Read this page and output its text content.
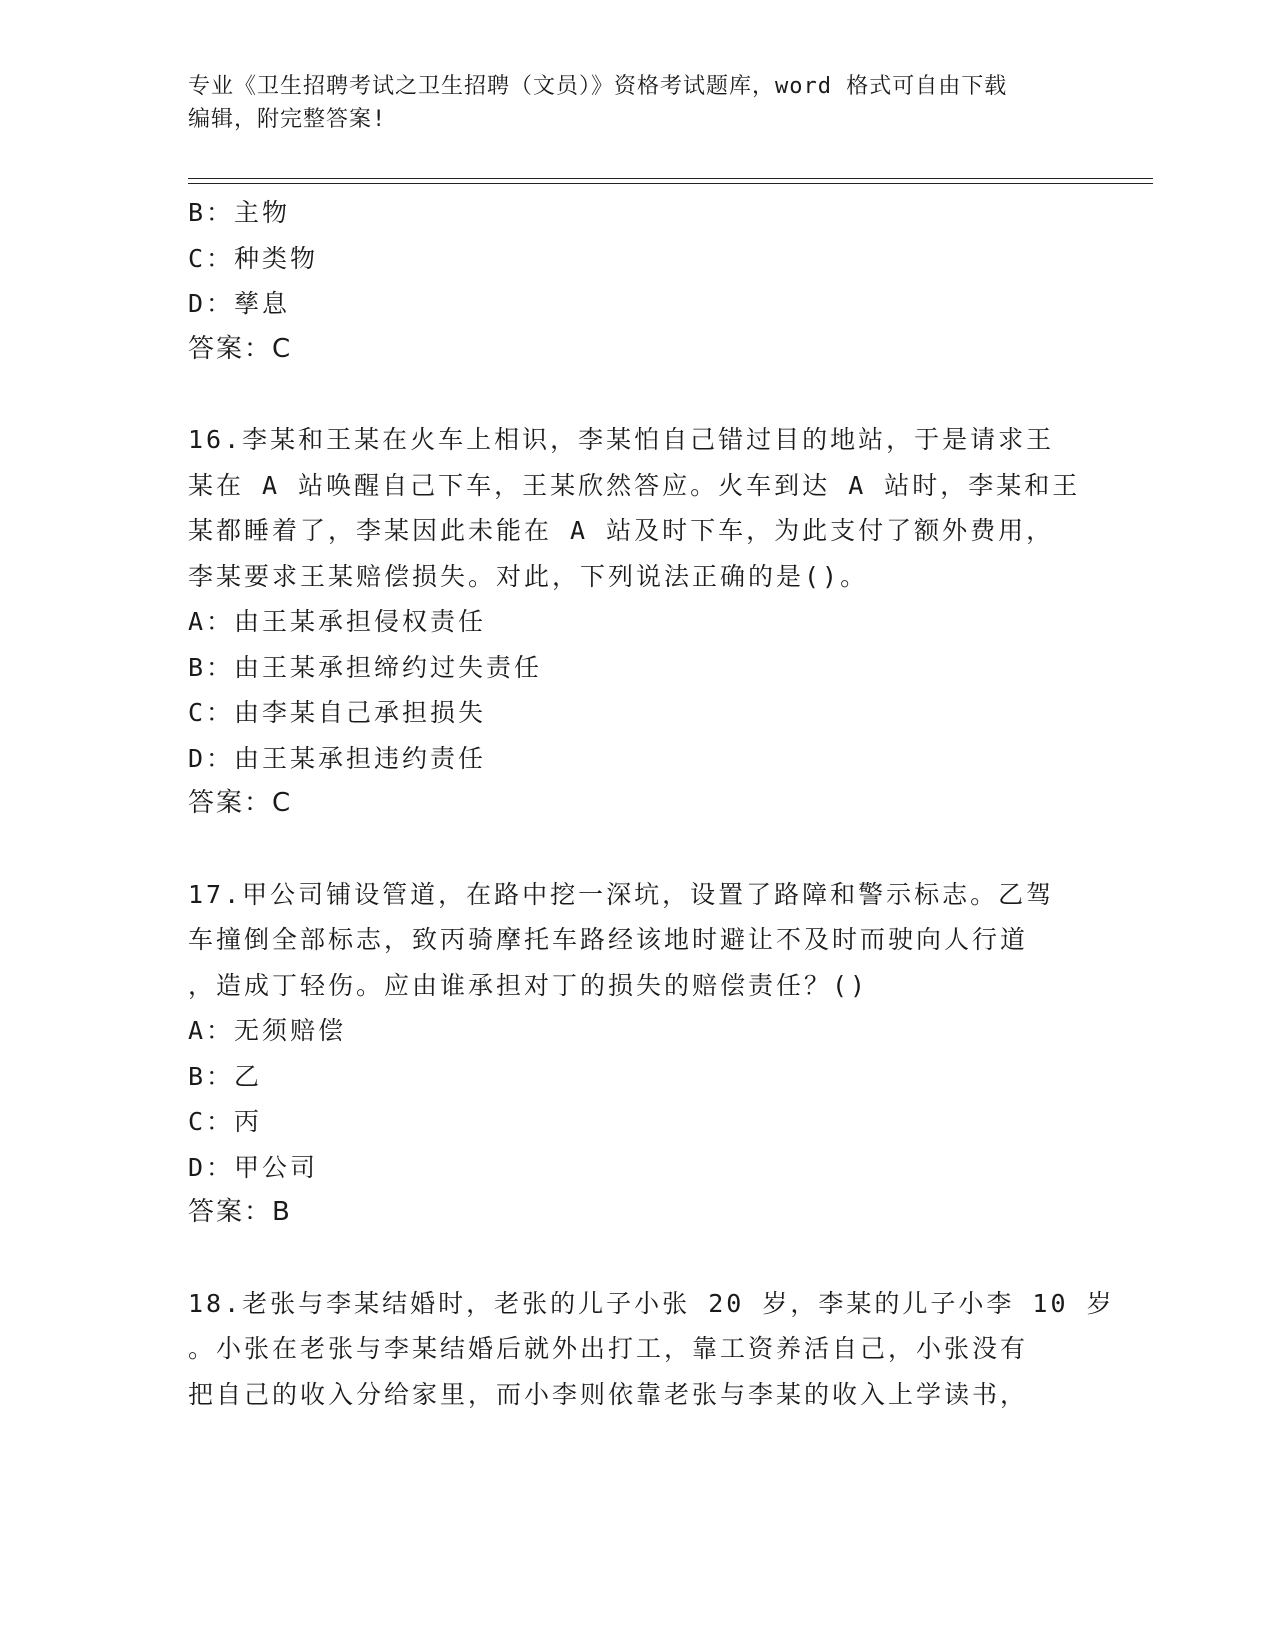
专业《卫生招聘考试之卫生招聘（文员）》资格考试题库，word 格式可自由下载
编辑，附完整答案!
B：主物
C：种类物
D：孳息
答案：C
16.李某和王某在火车上相识，李某怕自己错过目的地站，于是请求王
某在 A 站唤醒自己下车，王某欣然答应。火车到达 A 站时，李某和王
某都睡着了，李某因此未能在 A 站及时下车，为此支付了额外费用，
李某要求王某赔偿损失。对此，下列说法正确的是()。
A：由王某承担侵权责任
B：由王某承担缔约过失责任
C：由李某自己承担损失
D：由王某承担违约责任
答案：C
17.甲公司铺设管道，在路中挖一深坑，设置了路障和警示标志。乙驾
车撞倒全部标志，致丙骑摩托车路经该地时避让不及时而驶向人行道
，造成丁轻伤。应由谁承担对丁的损失的赔偿责任？()
A：无须赔偿
B：乙
C：丙
D：甲公司
答案：B
18.老张与李某结婚时，老张的儿子小张 20 岁，李某的儿子小李 10 岁
。小张在老张与李某结婚后就外出打工，靠工资养活自己，小张没有
把自己的收入分给家里，而小李则依靠老张与李某的收入上学读书，
